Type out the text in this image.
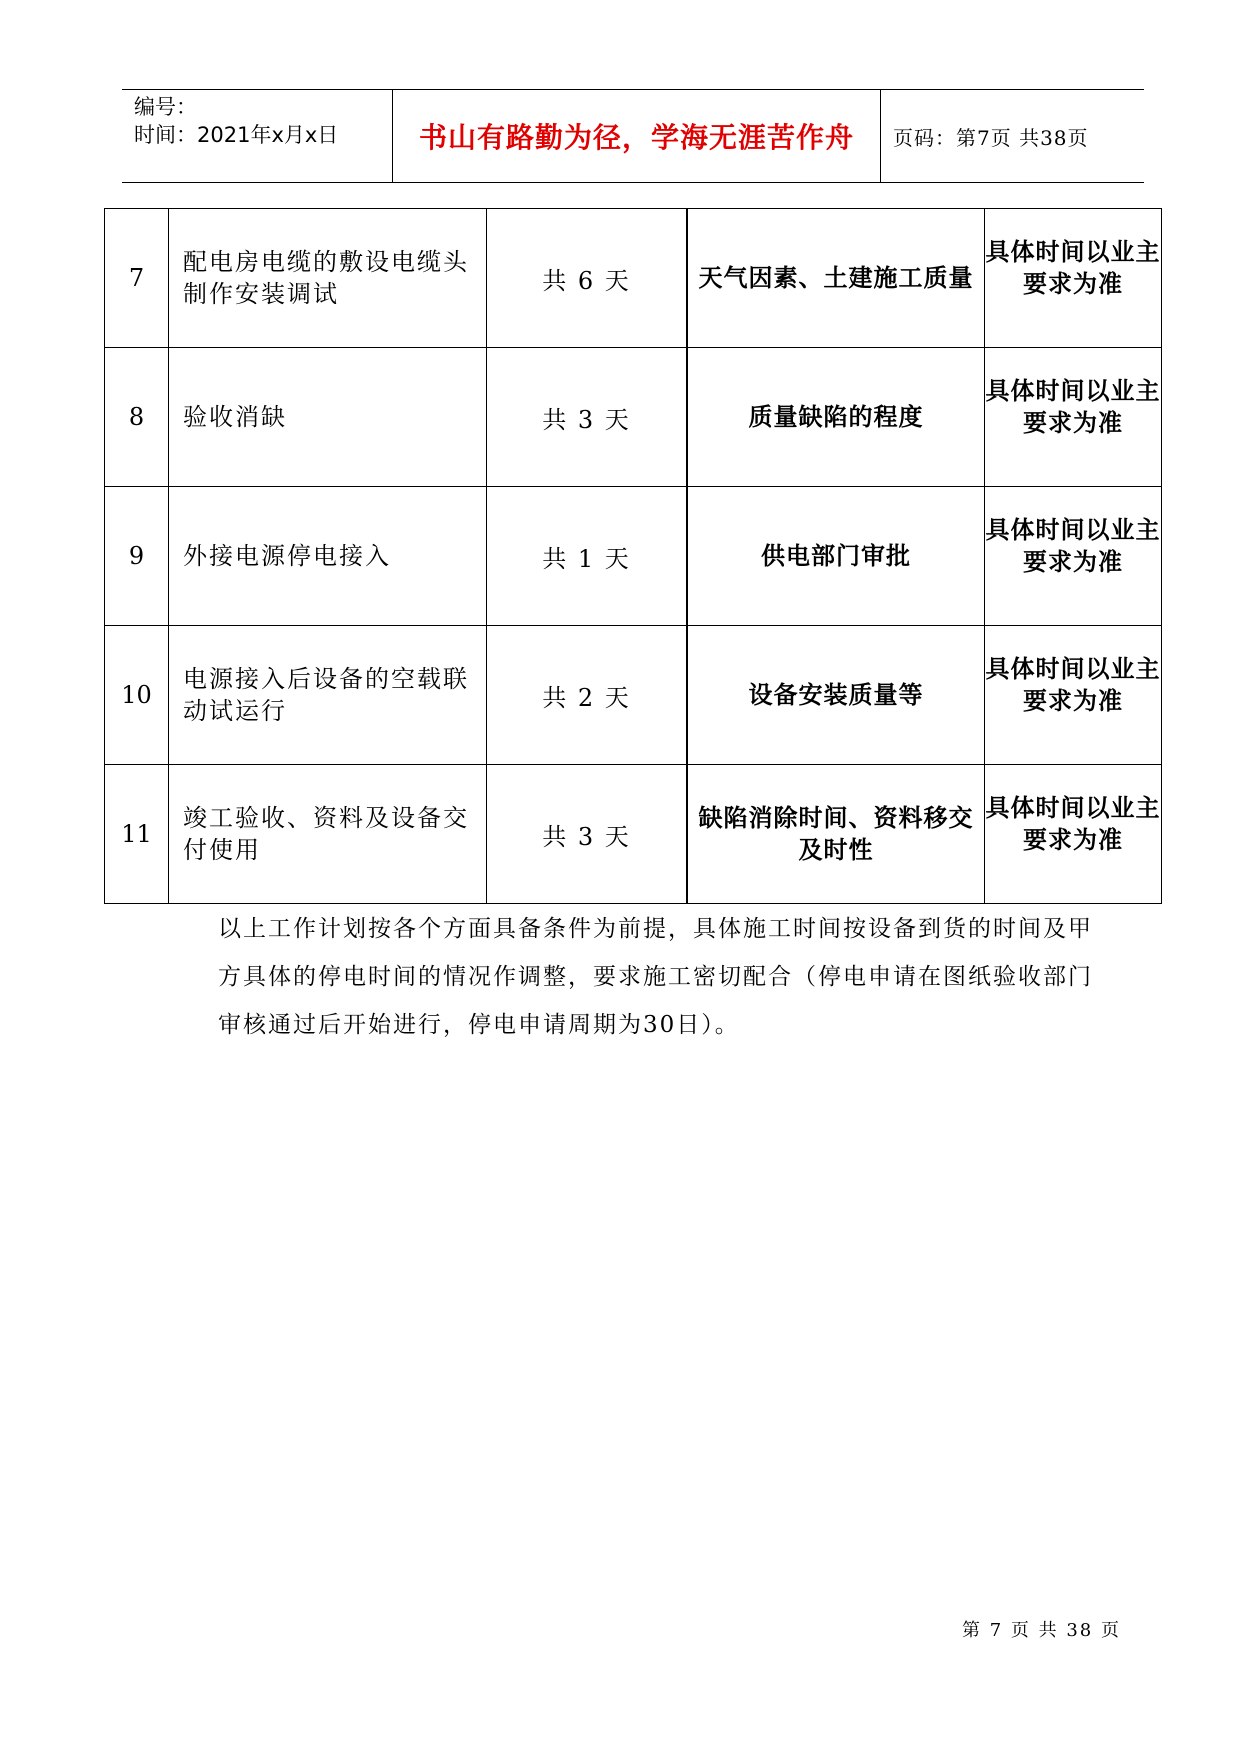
编号：
时间：2021年x月x日	书山有路勤为径，学海无涯苦作舟	页码：第7页 共38页
7	配电房电缆的敷设电缆头制作安装调试	共 6 天	天气因素、土建施工质量	具体时间以业主要求为准

8	验收消缺	共 3 天	质量缺陷的程度	具体时间以业主要求为准

9	外接电源停电接入	共 1 天	供电部门审批	具体时间以业主要求为准

10	电源接入后设备的空载联动试运行	共 2 天	设备安装质量等	具体时间以业主要求为准

11	竣工验收、资料及设备交付使用	共 3 天	缺陷消除时间、资料移交及时性	具体时间以业主要求为准
以上工作计划按各个方面具备条件为前提，具体施工时间按设备到货的时间及甲方具体的停电时间的情况作调整，要求施工密切配合（停电申请在图纸验收部门审核通过后开始进行，停电申请周期为30日）。
第 7 页 共 38 页
